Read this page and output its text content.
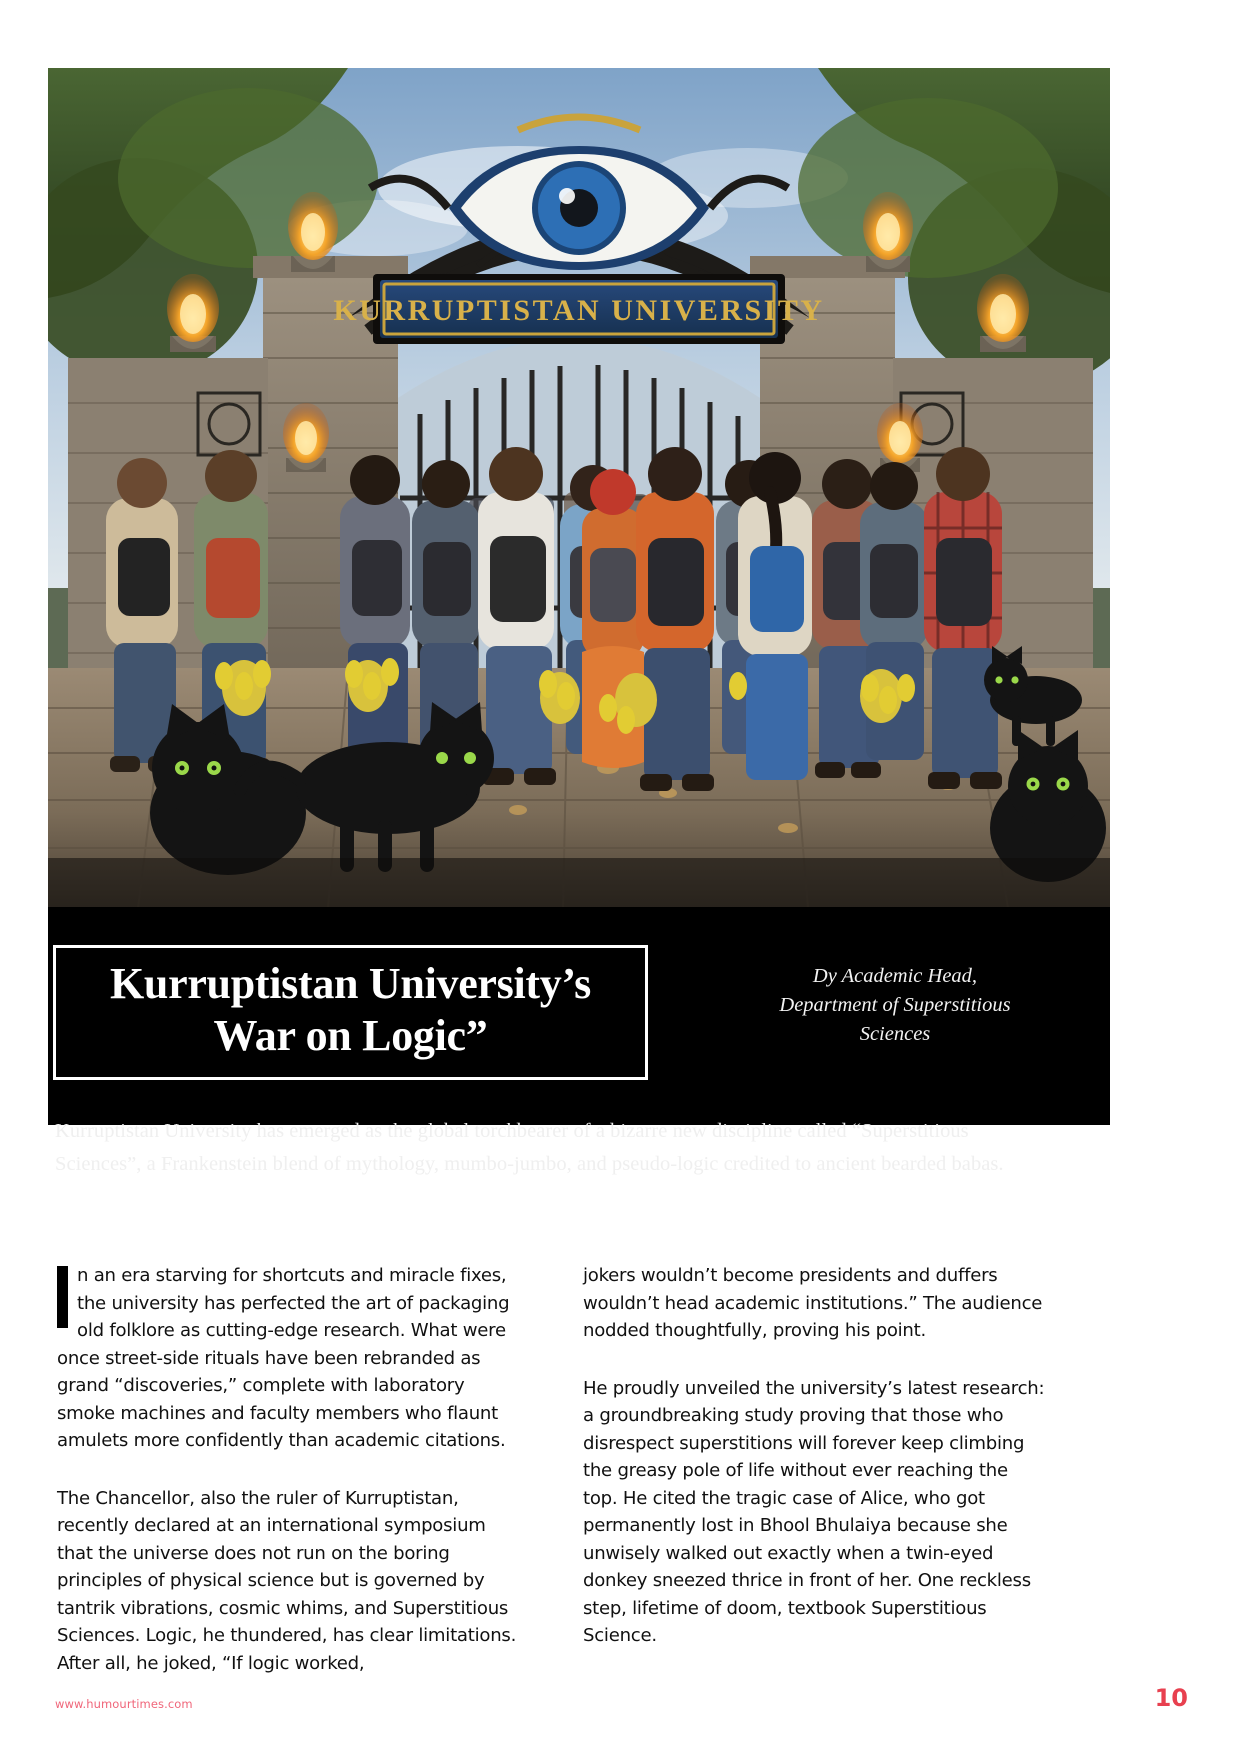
KURRUPTISTAN UNIVERSITY
Kurruptistan University’s
War on Logic”
Dy Academic Head,
Department of Superstitious
Sciences
Kurruptistan University has emerged as the global torchbearer of a bizarre new discipline called “Superstitious Sciences”, a Frankenstein blend of mythology, mumbo-jumbo, and pseudo-logic credited to ancient bearded babas.

n an era starving for shortcuts and miracle fixes, the university has perfected the art of packaging old folklore as cutting-edge research. What were once street-side rituals have been rebranded as grand “discoveries,” complete with laboratory smoke machines and faculty members who flaunt amulets more confidently than academic citations.

The Chancellor, also the ruler of Kurruptistan, recently declared at an international symposium that the universe does not run on the boring principles of physical science but is governed by tantrik vibrations, cosmic whims, and Superstitious Sciences. Logic, he thundered, has clear limitations. After all, he joked, “If logic worked,

jokers wouldn’t become presidents and duffers wouldn’t head academic institutions.” The audience nodded thoughtfully, proving his point.

He proudly unveiled the university’s latest research: a groundbreaking study proving that those who disrespect superstitions will forever keep climbing the greasy pole of life without ever reaching the top. He cited the tragic case of Alice, who got permanently lost in Bhool Bhulaiya because she unwisely walked out exactly when a twin-eyed donkey sneezed thrice in front of her. One reckless step, lifetime of doom, textbook Superstitious Science.

www.humourtimes.com	10
